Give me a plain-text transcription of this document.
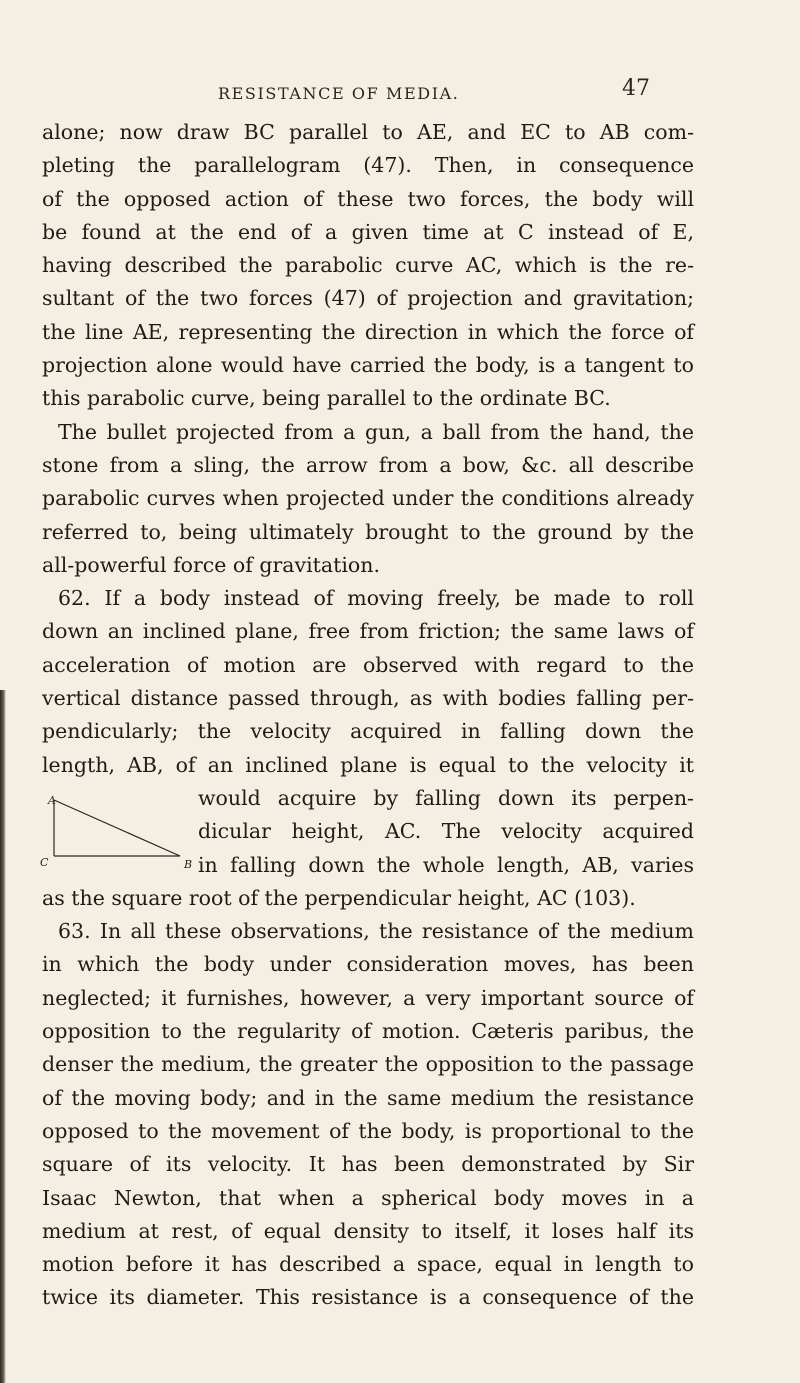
RESISTANCE OF MEDIA.	47
alone; now draw BC parallel to AE, and EC to AB com-
pleting the parallelogram (47). Then, in consequence
of the opposed action of these two forces, the body will
be found at the end of a given time at C instead of E,
having described the parabolic curve AC, which is the re-
sultant of the two forces (47) of projection and gravitation;
the line AE, representing the direction in which the force of
projection alone would have carried the body, is a tangent to
this parabolic curve, being parallel to the ordinate BC.
The bullet projected from a gun, a ball from the hand, the
stone from a sling, the arrow from a bow, &c. all describe
parabolic curves when projected under the conditions already
referred to, being ultimately brought to the ground by the
all-powerful force of gravitation.
62. If a body instead of moving freely, be made to roll
down an inclined plane, free from friction; the same laws of
acceleration of motion are observed with regard to the
vertical distance passed through, as with bodies falling per-
pendicularly; the velocity acquired in falling down the
length, AB, of an inclined plane is equal to the velocity it
A
B
C
would acquire by falling down its perpen-
dicular height, AC. The velocity acquired
in falling down the whole length, AB, varies
as the square root of the perpendicular height, AC (103).
63. In all these observations, the resistance of the medium
in which the body under consideration moves, has been
neglected; it furnishes, however, a very important source of
opposition to the regularity of motion. Cæteris paribus, the
denser the medium, the greater the opposition to the passage
of the moving body; and in the same medium the resistance
opposed to the movement of the body, is proportional to the
square of its velocity. It has been demonstrated by Sir
Isaac Newton, that when a spherical body moves in a
medium at rest, of equal density to itself, it loses half its
motion before it has described a space, equal in length to
twice its diameter. This resistance is a consequence of the
